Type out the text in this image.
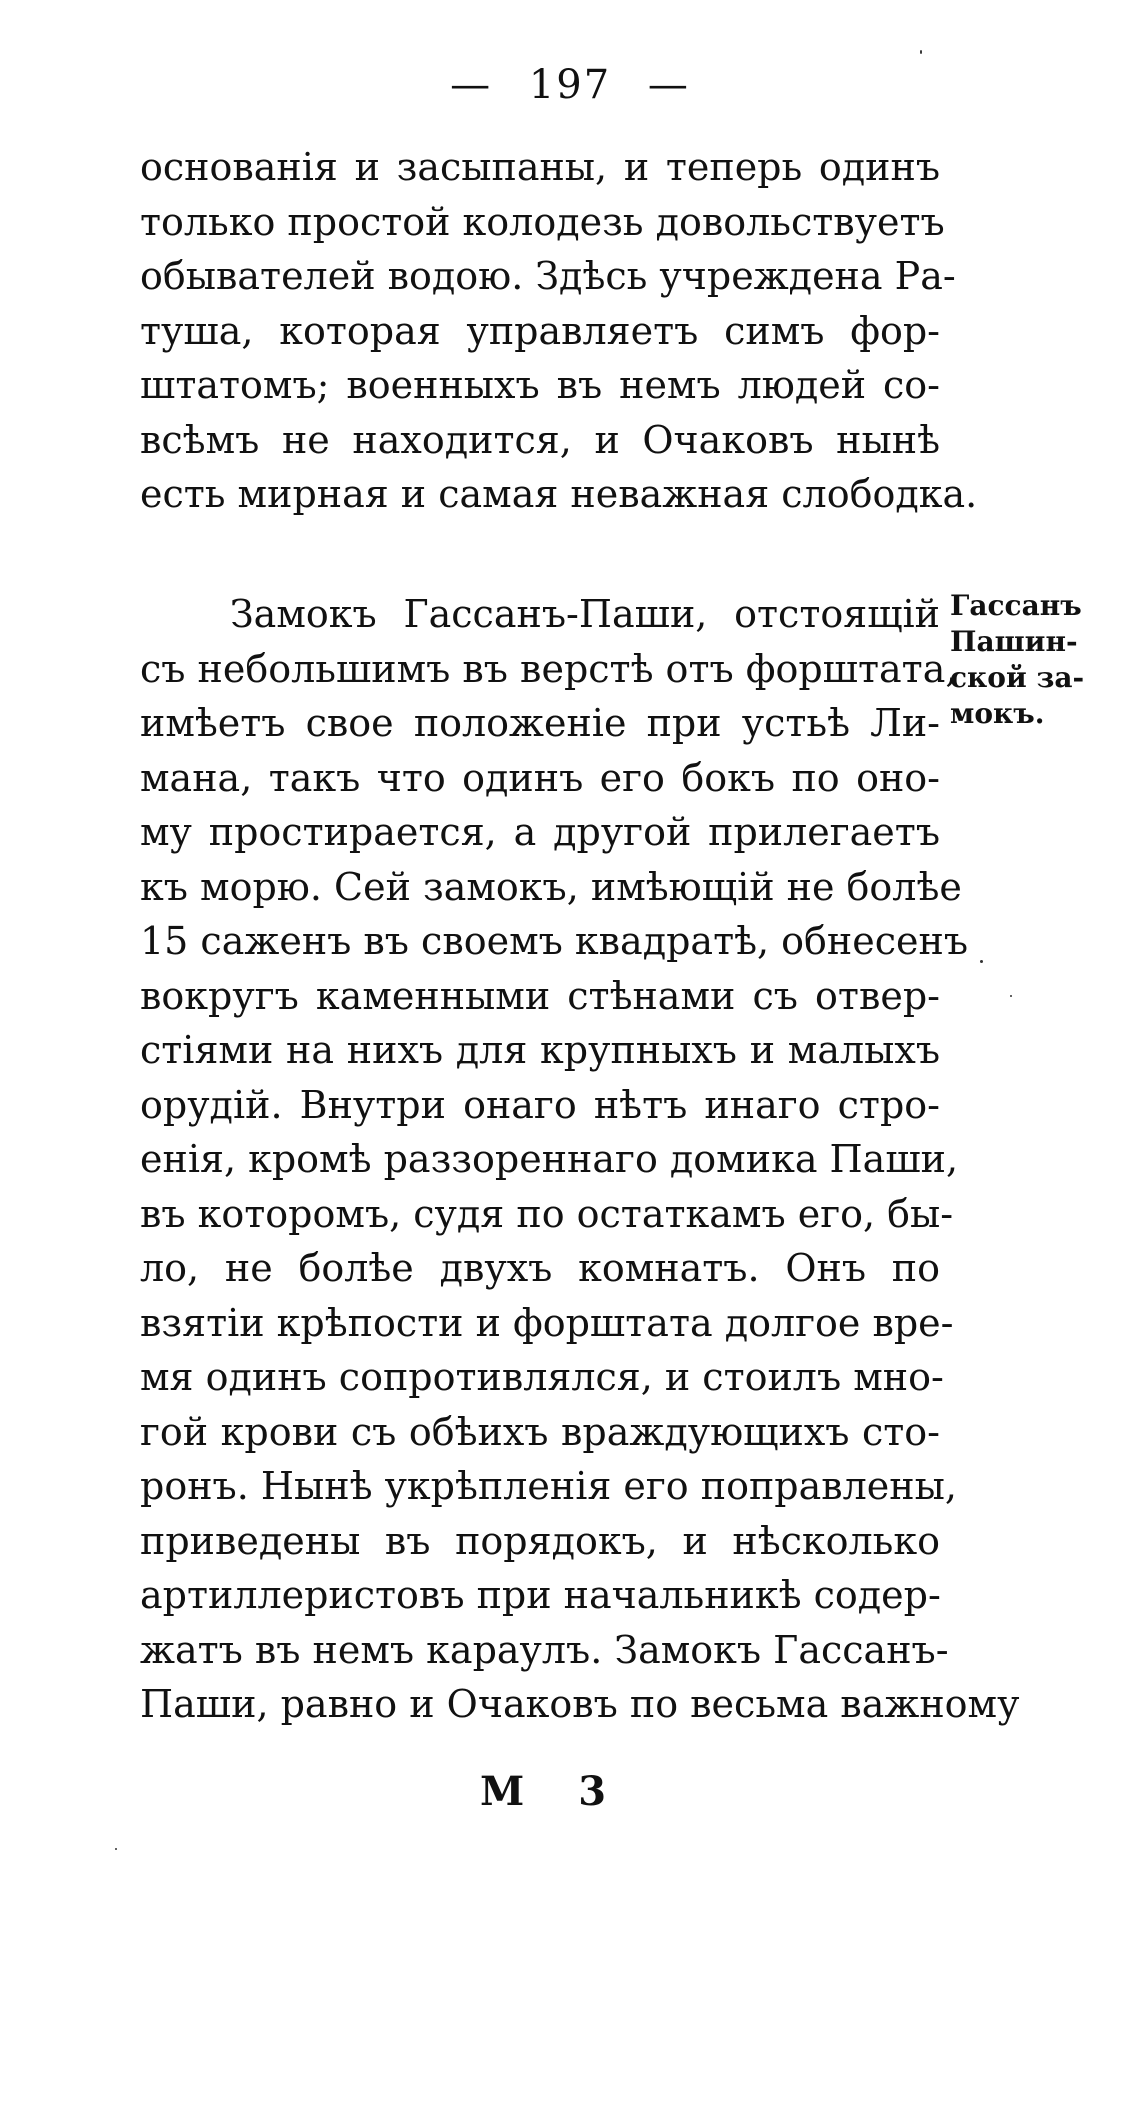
— 197 —
основанія и засыпаны, и теперь одинъ
только простой колодезь довольствуетъ
обывателей водою. Здѣсь учреждена Ра-
туша, которая управляетъ симъ фор-
штатомъ; военныхъ въ немъ людей со-
всѣмъ не находится, и Очаковъ нынѣ
есть мирная и самая неважная слободка.
Замокъ Гассанъ-Паши, отстоящій
съ небольшимъ въ верстѣ отъ форштата,
имѣетъ свое положеніе при устьѣ Ли-
мана, такъ что одинъ его бокъ по оно-
му простирается, а другой прилегаетъ
къ морю. Сей замокъ, имѣющій не болѣе
15 саженъ въ своемъ квадратѣ, обнесенъ
вокругъ каменными стѣнами съ отвер-
стіями на нихъ для крупныхъ и малыхъ
орудій. Внутри онаго нѣтъ инаго стро-
енія, кромѣ раззореннаго домика Паши,
въ которомъ, судя по остаткамъ его, бы-
ло, не болѣе двухъ комнатъ. Онъ по
взятіи крѣпости и форштата долгое вре-
мя одинъ сопротивлялся, и стоилъ мно-
гой крови съ обѣихъ враждующихъ сто-
ронъ. Нынѣ укрѣпленія его поправлены,
приведены въ порядокъ, и нѣсколько
артиллеристовъ при начальникѣ содер-
жатъ въ немъ караулъ. Замокъ Гассанъ-
Паши, равно и Очаковъ по весьма важному
Гассанъ
Пашин-
ской за-
мокъ.
М 3
